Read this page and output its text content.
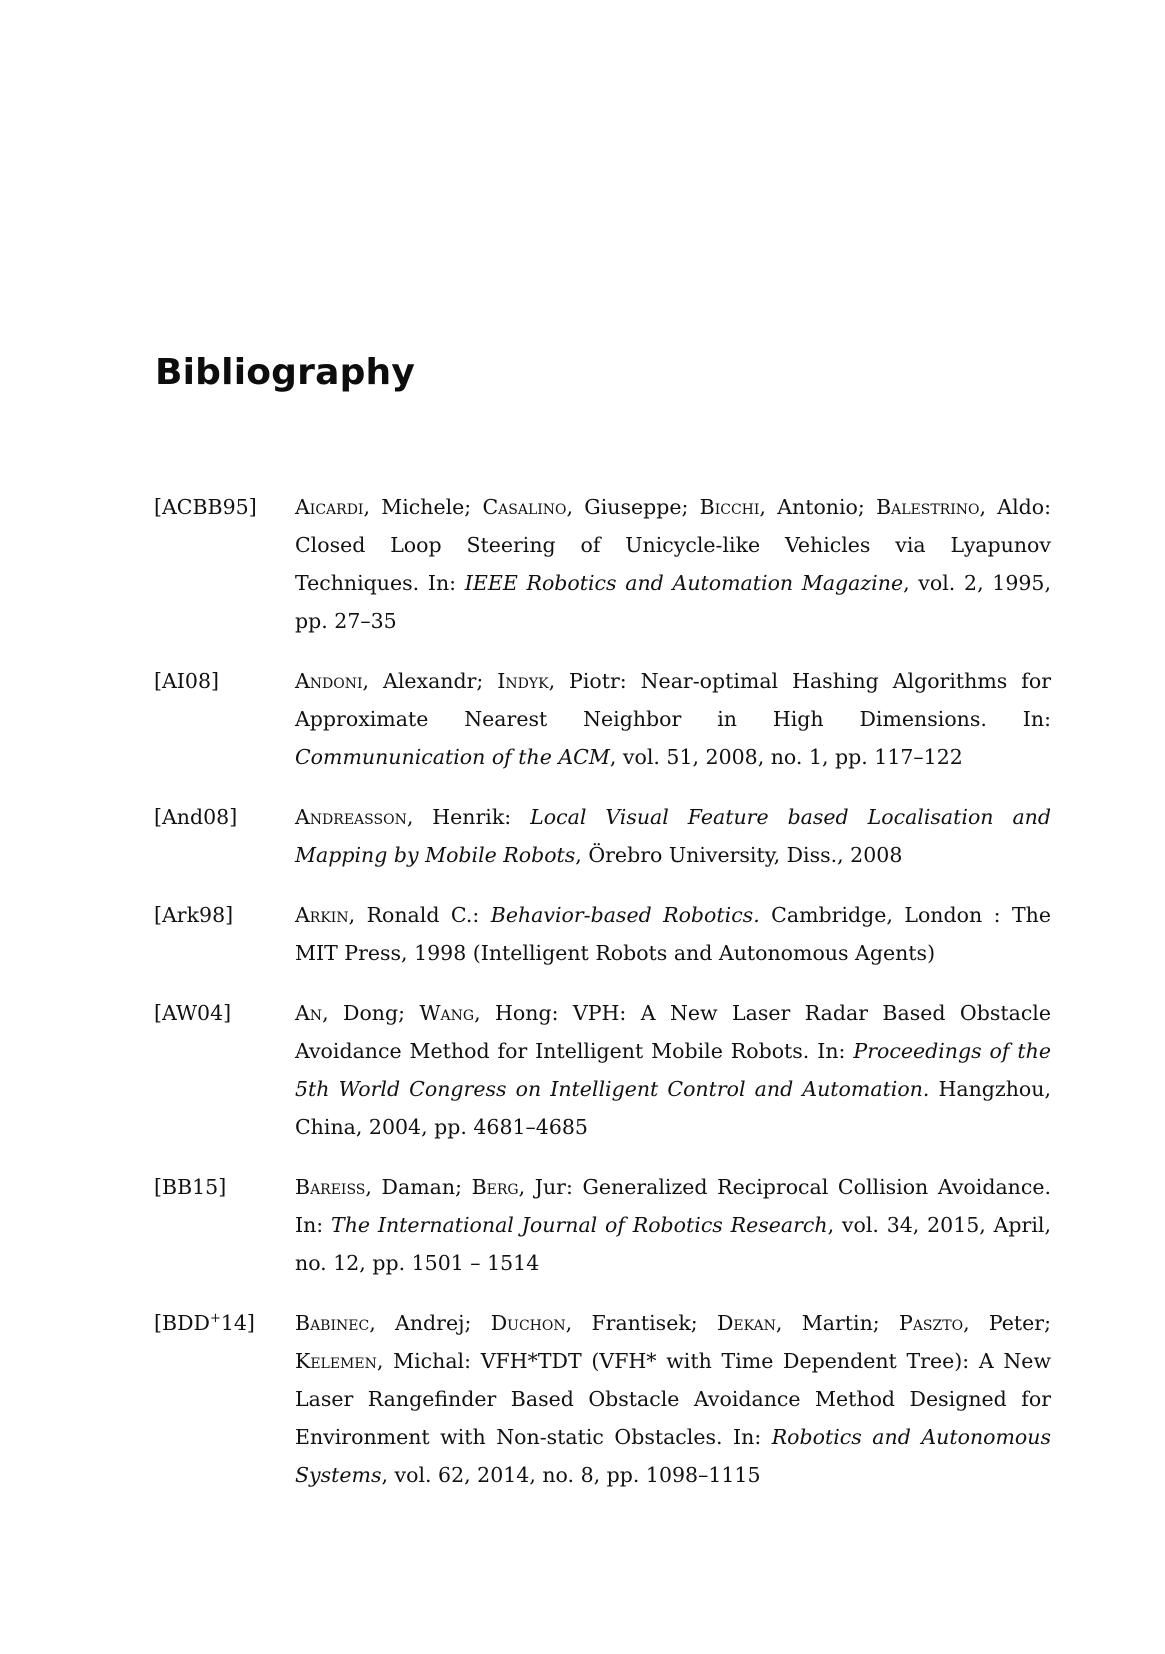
Bibliography
[ACBB95] Aicardi, Michele; Casalino, Giuseppe; Bicchi, Antonio; Balestrino, Aldo: Closed Loop Steering of Unicycle-like Vehicles via Lyapunov Techniques. In: IEEE Robotics and Automation Magazine, vol. 2, 1995, pp. 27–35
[AI08]	Andoni, Alexandr; Indyk, Piotr: Near-optimal Hashing Algorithms for Approximate Nearest Neighbor in High Dimensions. In: Commununication of the ACM, vol. 51, 2008, no. 1, pp. 117–122
[And08]	Andreasson, Henrik: Local Visual Feature based Localisation and Mapping by Mobile Robots, Örebro University, Diss., 2008
[Ark98]	Arkin, Ronald C.: Behavior-based Robotics. Cambridge, London : The MIT Press, 1998 (Intelligent Robots and Autonomous Agents)
[AW04]	An, Dong; Wang, Hong: VPH: A New Laser Radar Based Obstacle Avoidance Method for Intelligent Mobile Robots. In: Proceedings of the 5th World Congress on Intelligent Control and Automation. Hangzhou, China, 2004, pp. 4681–4685
[BB15]	Bareiss, Daman; Berg, Jur: Generalized Reciprocal Collision Avoidance. In: The International Journal of Robotics Research, vol. 34, 2015, April, no. 12, pp. 1501 – 1514
[BDD+14] Babinec, Andrej; Duchon, Frantisek; Dekan, Martin; Paszto, Peter; Kelemen, Michal: VFH*TDT (VFH* with Time Dependent Tree): A New Laser Rangefinder Based Obstacle Avoidance Method Designed for Environment with Non-static Obstacles. In: Robotics and Autonomous Systems, vol. 62, 2014, no. 8, pp. 1098–1115
